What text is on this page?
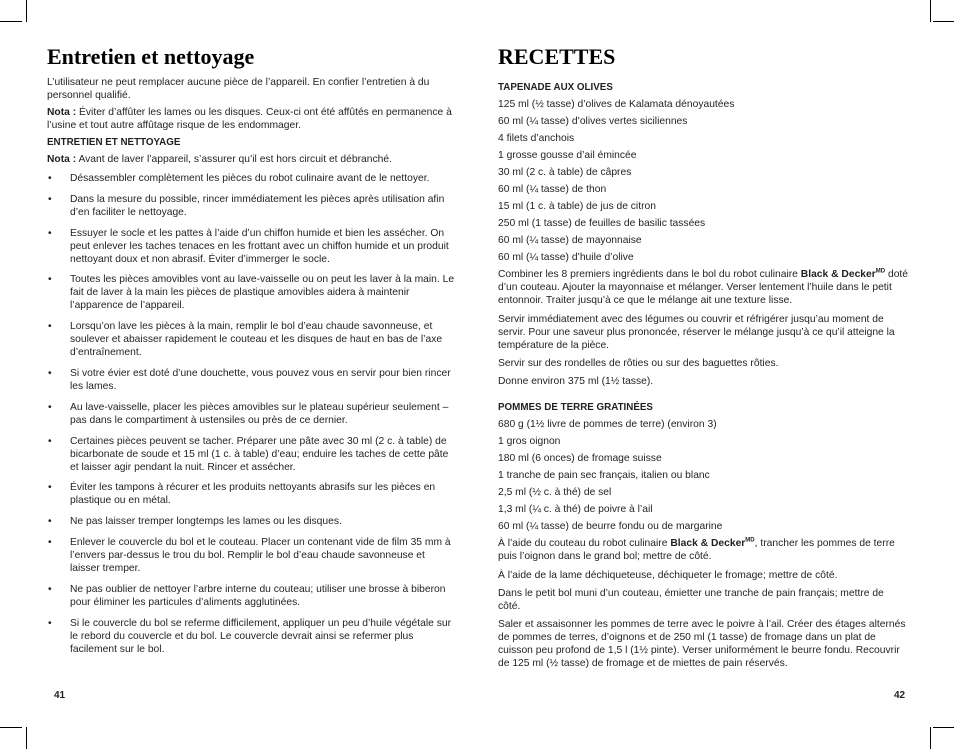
Entretien et nettoyage

L’utilisateur ne peut remplacer aucune pièce de l’appareil. En confier l’entretien à du personnel qualifié.

Nota : Éviter d’affûter les lames ou les disques. Ceux-ci ont été affûtés en permanence à l’usine et tout autre affûtage risque de les endommager.

ENTRETIEN ET NETTOYAGE

Nota : Avant de laver l’appareil, s’assurer qu’il est hors circuit et débranché.

• Désassembler complètement les pièces du robot culinaire avant de le nettoyer.
• Dans la mesure du possible, rincer immédiatement les pièces après utilisation afin d’en faciliter le nettoyage.
• Essuyer le socle et les pattes à l’aide d’un chiffon humide et bien les assécher. On peut enlever les taches tenaces en les frottant avec un chiffon humide et un produit nettoyant doux et non abrasif. Éviter d’immerger le socle.
• Toutes les pièces amovibles vont au lave-vaisselle ou on peut les laver à la main. Le fait de laver à la main les pièces de plastique amovibles aidera à maintenir l’apparence de l’appareil.
• Lorsqu’on lave les pièces à la main, remplir le bol d’eau chaude savonneuse, et soulever et abaisser rapidement le couteau et les disques de haut en bas de l’axe d’entraînement.
• Si votre évier est doté d’une douchette, vous pouvez vous en servir pour bien rincer les lames.
• Au lave-vaisselle, placer les pièces amovibles sur le plateau supérieur seulement – pas dans le compartiment à ustensiles ou près de ce dernier.
• Certaines pièces peuvent se tacher. Préparer une pâte avec 30 ml (2 c. à table) de bicarbonate de soude et 15 ml (1 c. à table) d’eau; enduire les taches de cette pâte et laisser agir pendant la nuit. Rincer et assécher.
• Éviter les tampons à récurer et les produits nettoyants abrasifs sur les pièces en plastique ou en métal.
• Ne pas laisser tremper longtemps les lames ou les disques.
• Enlever le couvercle du bol et le couteau. Placer un contenant vide de film 35 mm à l’envers par-dessus le trou du bol. Remplir le bol d’eau chaude savonneuse et laisser tremper.
• Ne pas oublier de nettoyer l’arbre interne du couteau; utiliser une brosse à biberon pour éliminer les particules d’aliments agglutinées.
• Si le couvercle du bol se referme difficilement, appliquer un peu d’huile végétale sur le rebord du couvercle et du bol. Le couvercle devrait ainsi se refermer plus facilement sur le bol.
41
RECETTES
TAPENADE AUX OLIVES
125 ml (½ tasse) d’olives de Kalamata dénoyautées
60 ml (¼ tasse) d’olives vertes siciliennes
4 filets d’anchois
1 grosse gousse d’ail émincée
30 ml (2 c. à table) de câpres
60 ml (¼ tasse) de thon
15 ml (1 c. à table) de jus de citron
250 ml (1 tasse) de feuilles de basilic tassées
60 ml (¼ tasse) de mayonnaise
60 ml (¼ tasse) d’huile d’olive

Combiner les 8 premiers ingrédients dans le bol du robot culinaire Black & Decker$^{MD}$ doté d’un couteau. Ajouter la mayonnaise et mélanger. Verser lentement l’huile dans le petit entonnoir. Traiter jusqu’à ce que le mélange ait une texture lisse.

Servir immédiatement avec des légumes ou couvrir et réfrigérer jusqu’au moment de servir. Pour une saveur plus prononcée, réserver le mélange jusqu’à ce qu’il atteigne la température de la pièce.

Servir sur des rondelles de rôties ou sur des baguettes rôties.

Donne environ 375 ml (1½ tasse).

POMMES DE TERRE GRATINÉES
680 g (1½ livre de pommes de terre) (environ 3)
1 gros oignon
180 ml (6 onces) de fromage suisse
1 tranche de pain sec français, italien ou blanc
2,5 ml (½ c. à thé) de sel
1,3 ml (¼ c. à thé) de poivre à l’ail
60 ml (¼ tasse) de beurre fondu ou de margarine

À l’aide du couteau du robot culinaire Black & Decker$^{MD}$, trancher les pommes de terre puis l’oignon dans le grand bol; mettre de côté.

À l’aide de la lame déchiqueteuse, déchiqueter le fromage; mettre de côté.

Dans le petit bol muni d’un couteau, émietter une tranche de pain français; mettre de côté.

Saler et assaisonner les pommes de terre avec le poivre à l’ail. Créer des étages alternés de pommes de terres, d’oignons et de 250 ml (1 tasse) de fromage dans un plat de cuisson peu profond de 1,5 l (1½ pinte). Verser uniformément le beurre fondu. Recouvrir de 125 ml (½ tasse) de fromage et de miettes de pain réservés.

42
